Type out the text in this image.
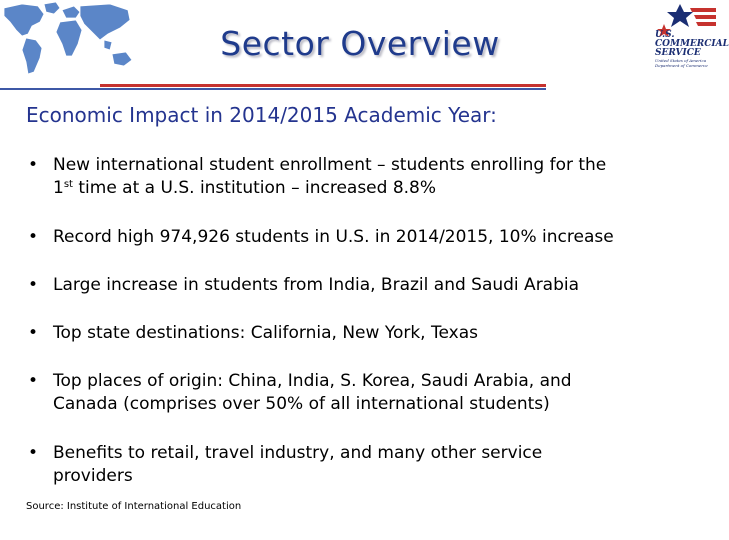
Sector Overview	U.S.
COMMERCIAL
SERVICE
United States of America
Department of Commerce
Economic Impact in 2014/2015 Academic Year:
• New international student enrollment – students enrolling for the
1st time at a U.S. institution – increased 8.8%
• Record high 974,926 students in U.S. in 2014/2015, 10% increase
• Large increase in students from India, Brazil and Saudi Arabia
• Top state destinations: California, New York, Texas
• Top places of origin: China, India, S. Korea, Saudi Arabia, and
Canada (comprises over 50% of all international students)
• Benefits to retail, travel industry, and many other service
providers
Source: Institute of International Education
